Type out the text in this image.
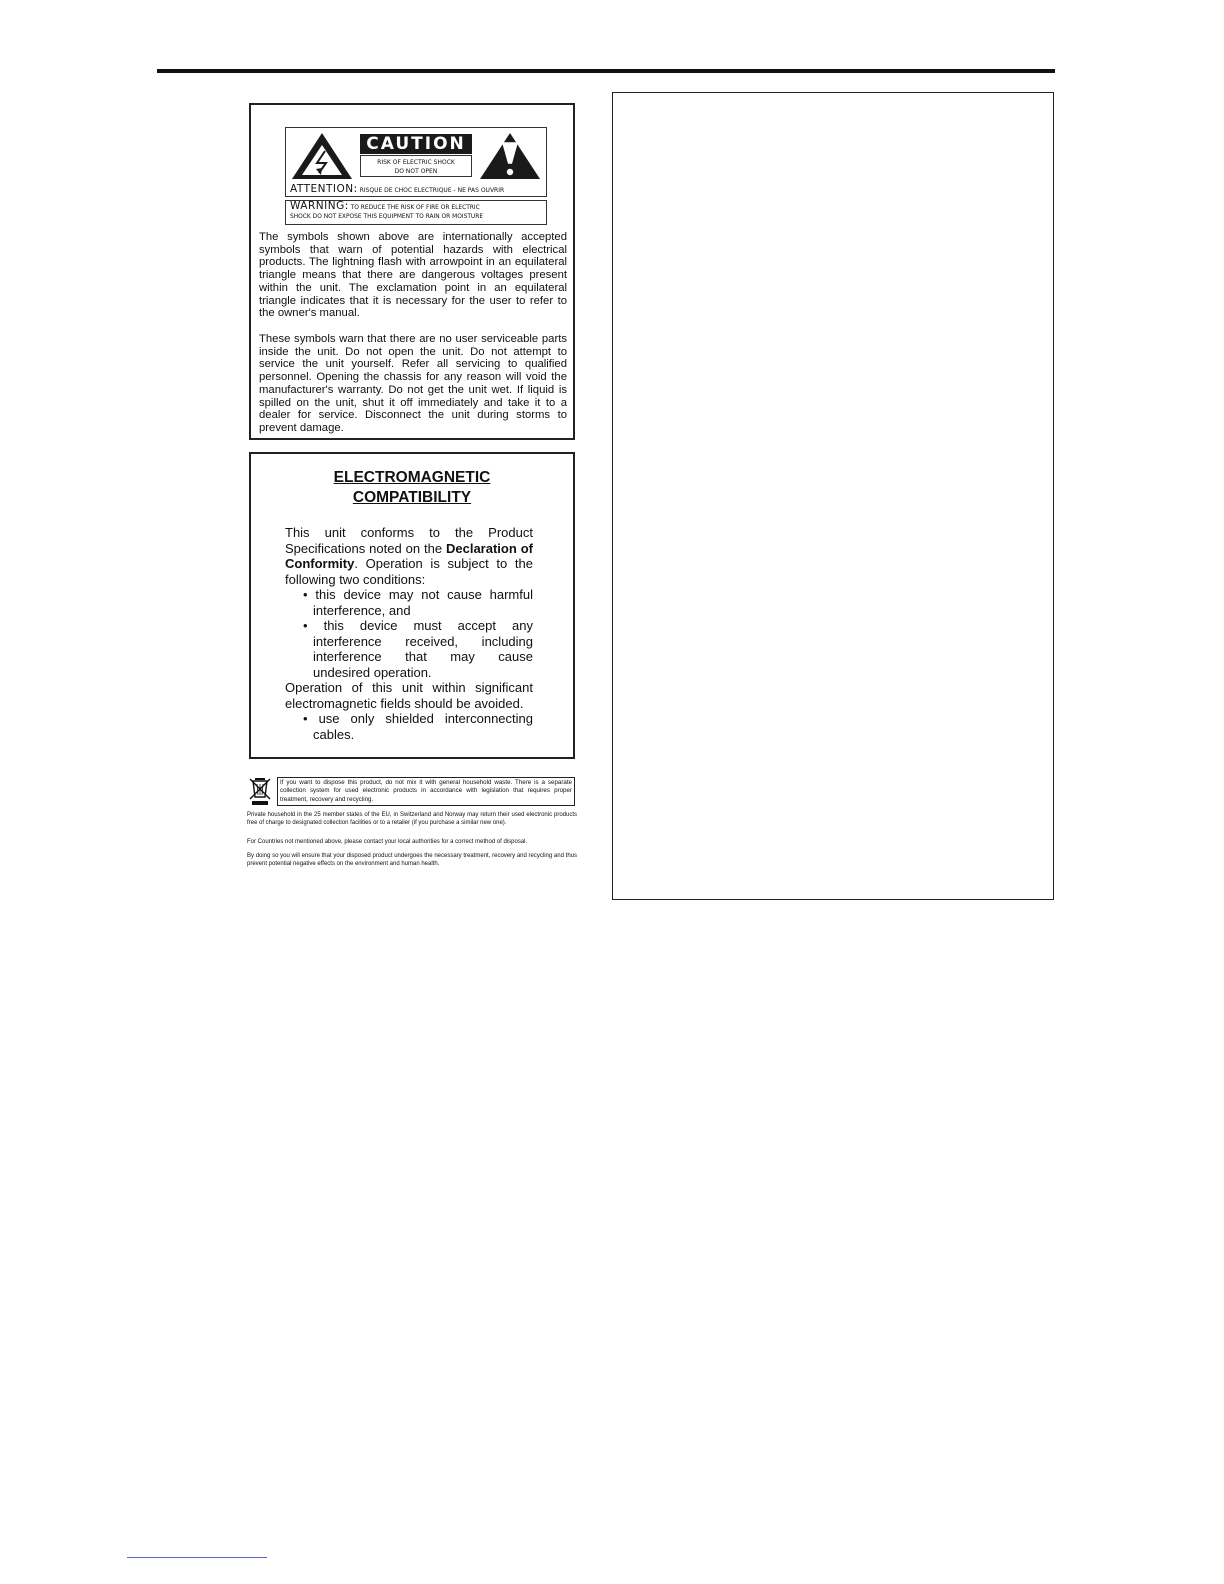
CAUTION
RISK OF ELECTRIC SHOCK
DO NOT OPEN
ATTENTION: RISQUE DE CHOC ELECTRIQUE - NE PAS OUVRIR
WARNING: TO REDUCE THE RISK OF FIRE OR ELECTRIC
SHOCK DO NOT EXPOSE THIS EQUIPMENT TO RAIN OR MOISTURE

The symbols shown above are internationally accepted symbols that warn of potential hazards with electrical products. The lightning flash with arrowpoint in an equilateral triangle means that there are dangerous voltages present within the unit. The exclamation point in an equilateral triangle indicates that it is necessary for the user to refer to the owner's manual.

These symbols warn that there are no user serviceable parts inside the unit. Do not open the unit. Do not attempt to service the unit yourself. Refer all servicing to qualified personnel. Opening the chassis for any reason will void the manufacturer's warranty. Do not get the unit wet. If liquid is spilled on the unit, shut it off immediately and take it to a dealer for service. Disconnect the unit during storms to prevent damage.

ELECTROMAGNETIC
COMPATIBILITY
This unit conforms to the Product Specifications noted on the Declaration of Conformity. Operation is subject to the following two conditions:
• this device may not cause harmful interference, and
• this device must accept any interference received, including interference that may cause undesired operation.
Operation of this unit within significant electromagnetic fields should be avoided.
• use only shielded interconnecting cables.
If you want to dispose this product, do not mix it with general household waste. There is a separate collection system for used electronic products in accordance with legislation that requires proper treatment, recovery and recycling.

Private household in the 25 member states of the EU, in Switzerland and Norway may return their used electronic products free of charge to designated collection facilities or to a retailer (if you purchase a similar new one).

For Countries not mentioned above, please contact your local authorities for a correct method of disposal.

By doing so you will ensure that your disposed product undergoes the necessary treatment, recovery and recycling and thus prevent potential negative effects on the environment and human health.
